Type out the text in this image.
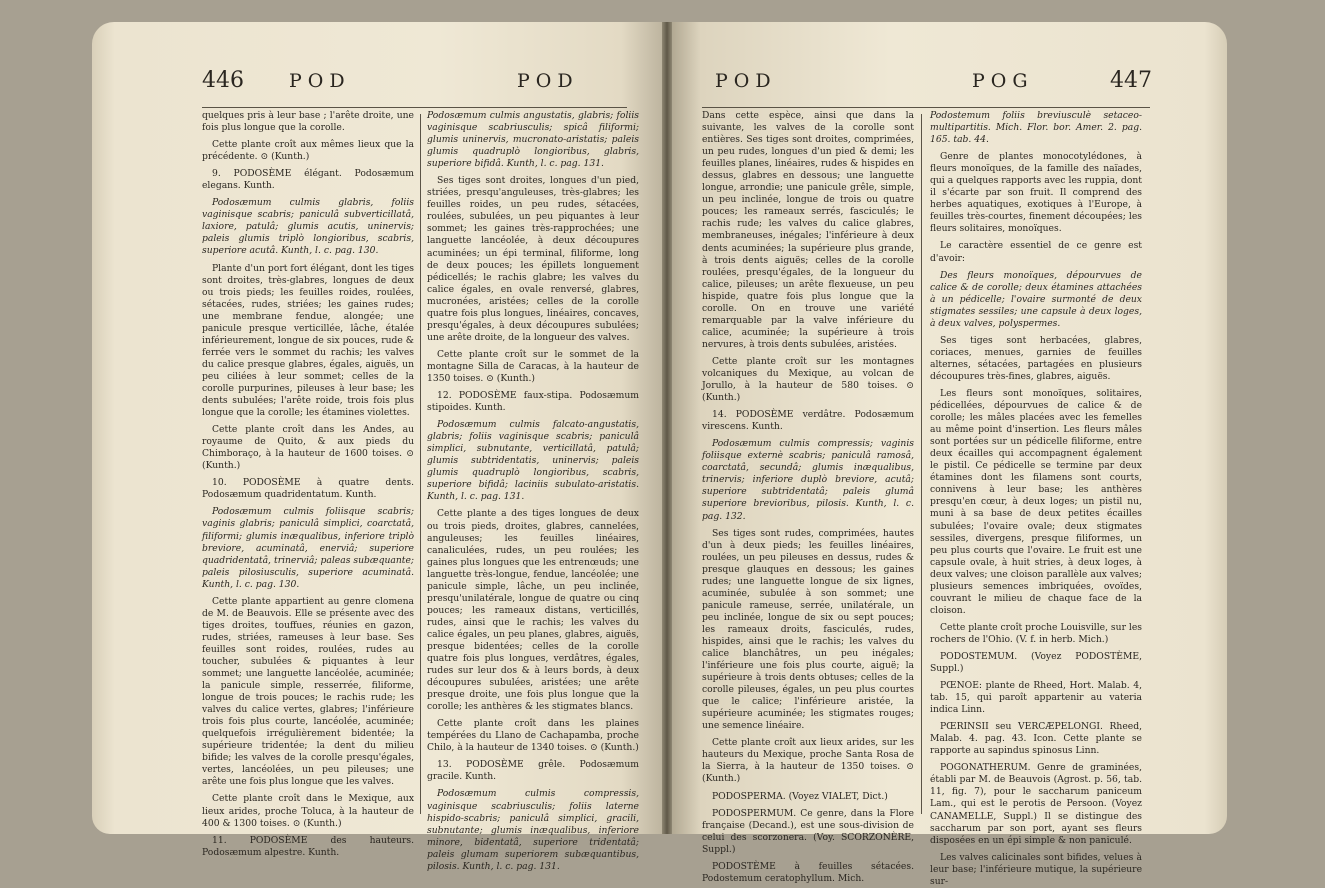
446 POD	POD

quelques pris à leur base ; l'arête droite, une fois plus longue que la corolle.

Cette plante croît aux mêmes lieux que la précédente. ⊙ (Kunth.)

9. PODOSÈME élégant. Podosæmum elegans. Kunth.

Podosæmum culmis glabris, foliis vaginisque scabris; paniculâ subverticillatâ, laxiore, patulâ; glumis acutis, uninervis; paleis glumis triplò longioribus, scabris, superiore acutâ. Kunth, l. c. pag. 130.

Plante d'un port fort élégant, dont les tiges sont droites, très-glabres, longues de deux ou trois pieds; les feuilles roides, roulées, sétacées, rudes, striées; les gaines rudes; une membrane fendue, alongée; une panicule presque verticillée, lâche, étalée inférieurement, longue de six pouces, rude & ferrée vers le sommet du rachis; les valves du calice presque glabres, égales, aiguës, un peu ciliées à leur sommet; celles de la corolle purpurines, pileuses à leur base; les dents subulées; l'arête roide, trois fois plus longue que la corolle; les étamines violettes.

Cette plante croît dans les Andes, au royaume de Quito, & aux pieds du Chimboraço, à la hauteur de 1600 toises. ⊙ (Kunth.)

10. PODOSÈME à quatre dents. Podosæmum quadridentatum. Kunth.

Podosæmum culmis foliisque scabris; vaginis glabris; paniculâ simplici, coarctatâ, filiformi; glumis inæqualibus, inferiore triplò breviore, acuminatâ, enerviâ; superiore quadridentatâ, trinerviâ; paleas subæquante; paleis pilosiusculis, superiore acuminatâ. Kunth, l. c. pag. 130.

Cette plante appartient au genre clomena de M. de Beauvois. Elle se présente avec des tiges droites, touffues, réunies en gazon, rudes, striées, rameuses à leur base. Ses feuilles sont roides, roulées, rudes au toucher, subulées & piquantes à leur sommet; une languette lancéolée, acuminée; la panicule simple, resserrée, filiforme, longue de trois pouces; le rachis rude; les valves du calice vertes, glabres; l'inférieure trois fois plus courte, lancéolée, acuminée; quelquefois irrégulièrement bidentée; la supérieure tridentée; la dent du milieu bifide; les valves de la corolle presqu'égales, vertes, lancéolées, un peu pileuses; une arête une fois plus longue que les valves.

Cette plante croît dans le Mexique, aux lieux arides, proche Toluca, à la hauteur de 400 & 1300 toises. ⊙ (Kunth.)

11. PODOSÈME des hauteurs. Podosæmum alpestre. Kunth.

Podosæmum culmis angustatis, glabris; foliis vaginisque scabriusculis; spicâ filiformi; glumis uninervis, mucronato-aristatis; paleis glumis quadruplò longioribus, glabris, superiore bifidâ. Kunth, l. c. pag. 131.

Ses tiges sont droites, longues d'un pied, striées, presqu'anguleuses, très-glabres; les feuilles roides, un peu rudes, sétacées, roulées, subulées, un peu piquantes à leur sommet; les gaines très-rapprochées; une languette lancéolée, à deux découpures acuminées; un épi terminal, filiforme, long de deux pouces; les épillets longuement pédicellés; le rachis glabre; les valves du calice égales, en ovale renversé, glabres, mucronées, aristées; celles de la corolle quatre fois plus longues, linéaires, concaves, presqu'égales, à deux découpures subulées; une arête droite, de la longueur des valves.

Cette plante croît sur le sommet de la montagne Silla de Caracas, à la hauteur de 1350 toises. ⊙ (Kunth.)

12. PODOSÈME faux-stipa. Podosæmum stipoides. Kunth.

Podosæmum culmis falcato-angustatis, glabris; foliis vaginisque scabris; paniculâ simplici, subnutante, verticillatâ, patulâ; glumis subtridentatis, uninervis; paleis glumis quadruplò longioribus, scabris, superiore bifidâ; laciniis subulato-aristatis. Kunth, l. c. pag. 131.

Cette plante a des tiges longues de deux ou trois pieds, droites, glabres, cannelées, anguleuses; les feuilles linéaires, canaliculées, rudes, un peu roulées; les gaines plus longues que les entrenœuds; une languette très-longue, fendue, lancéolée; une panicule simple, lâche, un peu inclinée, presqu'unilatérale, longue de quatre ou cinq pouces; les rameaux distans, verticillés, rudes, ainsi que le rachis; les valves du calice égales, un peu planes, glabres, aiguës, presque bidentées; celles de la corolle quatre fois plus longues, verdâtres, égales, rudes sur leur dos & à leurs bords, à deux découpures subulées, aristées; une arête presque droite, une fois plus longue que la corolle; les anthères & les stigmates blancs.

Cette plante croît dans les plaines tempérées du Llano de Cachapamba, proche Chilo, à la hauteur de 1340 toises. ⊙ (Kunth.)

13. PODOSÈME grêle. Podosæmum gracile. Kunth.

Podosæmum culmis compressis, vaginisque scabriusculis; foliis laterne hispido-scabris; paniculâ simplici, gracili, subnutante; glumis inæqualibus, inferiore minore, bidentatâ, superiore tridentatâ; paleis glumam superiorem subæquantibus, pilosis. Kunth, l. c. pag. 131.

POD	POG	447

Dans cette espèce, ainsi que dans la suivante, les valves de la corolle sont entières. Ses tiges sont droites, comprimées, un peu rudes, longues d'un pied & demi; les feuilles planes, linéaires, rudes & hispides en dessus, glabres en dessous; une languette longue, arrondie; une panicule grêle, simple, un peu inclinée, longue de trois ou quatre pouces; les rameaux serrés, fasciculés; le rachis rude; les valves du calice glabres, membraneuses, inégales; l'inférieure à deux dents acuminées; la supérieure plus grande, à trois dents aiguës; celles de la corolle roulées, presqu'égales, de la longueur du calice, pileuses; un arête flexueuse, un peu hispide, quatre fois plus longue que la corolle. On en trouve une variété remarquable par la valve inférieure du calice, acuminée; la supérieure à trois nervures, à trois dents subulées, aristées.

Cette plante croît sur les montagnes volcaniques du Mexique, au volcan de Jorullo, à la hauteur de 580 toises. ⊙ (Kunth.)

14. PODOSÈME verdâtre. Podosæmum virescens. Kunth.

Podosæmum culmis compressis; vaginis foliisque externè scabris; paniculâ ramosâ, coarctatâ, secundâ; glumis inæqualibus, trinervis; inferiore duplò breviore, acutâ; superiore subtridentatâ; paleis glumâ superiore brevioribus, pilosis. Kunth, l. c. pag. 132.

Ses tiges sont rudes, comprimées, hautes d'un à deux pieds; les feuilles linéaires, roulées, un peu pileuses en dessus, rudes & presque glauques en dessous; les gaines rudes; une languette longue de six lignes, acuminée, subulée à son sommet; une panicule rameuse, serrée, unilatérale, un peu inclinée, longue de six ou sept pouces; les rameaux droits, fasciculés, rudes, hispides, ainsi que le rachis; les valves du calice blanchâtres, un peu inégales; l'inférieure une fois plus courte, aiguë; la supérieure à trois dents obtuses; celles de la corolle pileuses, égales, un peu plus courtes que le calice; l'inférieure aristée, la supérieure acuminée; les stigmates rouges; une semence linéaire.

Cette plante croît aux lieux arides, sur les hauteurs du Mexique, proche Santa Rosa de la Sierra, à la hauteur de 1350 toises. ⊙ (Kunth.)

PODOSPERMA. (Voyez VIALET, Dict.)

PODOSPERMUM. Ce genre, dans la Flore française (Decand.), est une sous-division de celui des scorzonera. (Voy. SCORZONÈRE, Suppl.)

PODOSTÈME à feuilles sétacées. Podostemum ceratophyllum. Mich.

Podostemum foliis breviusculè setaceo-multipartitis. Mich. Flor. bor. Amer. 2. pag. 165. tab. 44.

Genre de plantes monocotylédones, à fleurs monoïques, de la famille des naïades, qui a quelques rapports avec les ruppia, dont il s'écarte par son fruit. Il comprend des herbes aquatiques, exotiques à l'Europe, à feuilles très-courtes, finement découpées; les fleurs solitaires, monoïques.

Le caractère essentiel de ce genre est d'avoir:

Des fleurs monoïques, dépourvues de calice & de corolle; deux étamines attachées à un pédicelle; l'ovaire surmonté de deux stigmates sessiles; une capsule à deux loges, à deux valves, polyspermes.

Ses tiges sont herbacées, glabres, coriaces, menues, garnies de feuilles alternes, sétacées, partagées en plusieurs découpures très-fines, glabres, aiguës.

Les fleurs sont monoïques, solitaires, pédicellées, dépourvues de calice & de corolle; les mâles placées avec les femelles au même point d'insertion. Les fleurs mâles sont portées sur un pédicelle filiforme, entre deux écailles qui accompagnent également le pistil. Ce pédicelle se termine par deux étamines dont les filamens sont courts, connivens à leur base; les anthères presqu'en cœur, à deux loges; un pistil nu, muni à sa base de deux petites écailles subulées; l'ovaire ovale; deux stigmates sessiles, divergens, presque filiformes, un peu plus courts que l'ovaire. Le fruit est une capsule ovale, à huit stries, à deux loges, à deux valves; une cloison parallèle aux valves; plusieurs semences imbriquées, ovoïdes, couvrant le milieu de chaque face de la cloison.

Cette plante croît proche Louisville, sur les rochers de l'Ohio. (V. f. in herb. Mich.)

PODOSTEMUM. (Voyez PODOSTÈME, Suppl.)

PŒNOE: plante de Rheed, Hort. Malab. 4, tab. 15, qui paroît appartenir au vateria indica Linn.

PŒRINSII seu VERCÆPELONGI. Rheed, Malab. 4. pag. 43. Icon. Cette plante se rapporte au sapindus spinosus Linn.

POGONATHERUM. Genre de graminées, établi par M. de Beauvois (Agrost. p. 56, tab. 11, fig. 7), pour le saccharum paniceum Lam., qui est le perotis de Persoon. (Voyez CANAMELLE, Suppl.) Il se distingue des saccharum par son port, ayant ses fleurs disposées en un épi simple & non paniculé.

Les valves calicinales sont bifides, velues à leur base; l'inférieure mutique, la supérieure sur-
